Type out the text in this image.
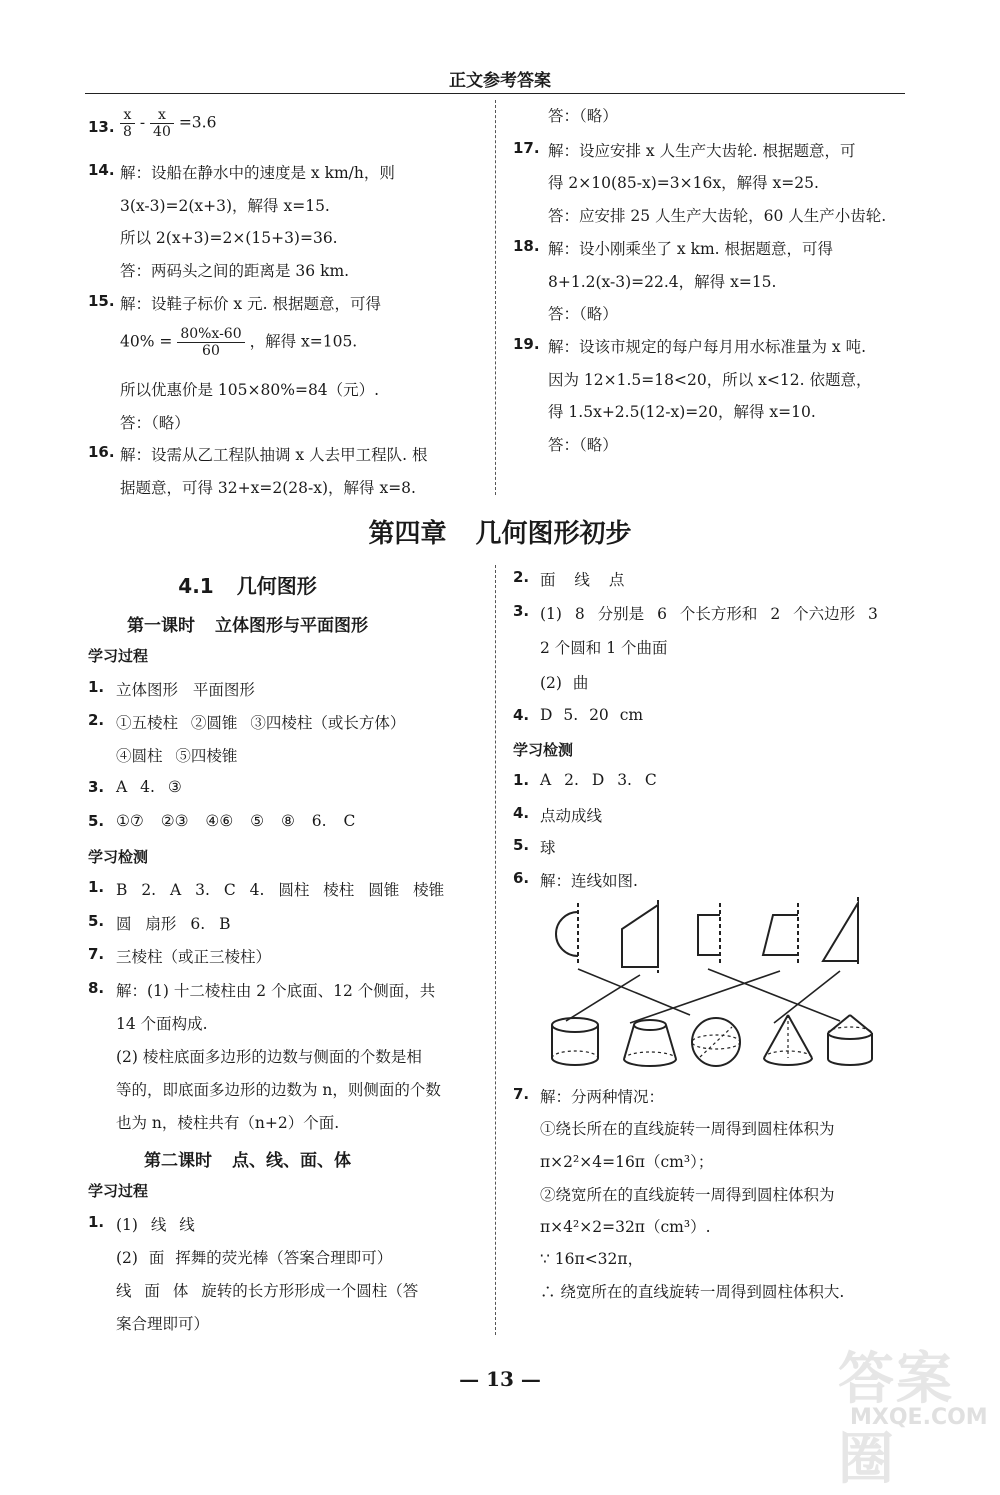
正文参考答案
13. $\frac{x}{8} - \frac{x}{40} =3.6$
14. 解：设船在静水中的速度是 x km/h，则
3(x-3)=2(x+3)，解得 x=15.
所以 2(x+3)=2×(15+3)=36.
答：两码头之间的距离是 36 km.
15. 解：设鞋子标价 x 元. 根据题意，可得
$40\% = \frac{80\%x-60}{60}$ ，解得 x=105.
所以优惠价是 105×80%=84（元）.
答：（略）
16. 解：设需从乙工程队抽调 x 人去甲工程队. 根
据题意，可得 32+x=2(28-x)，解得 x=8.
答：（略）
17. 解：设应安排 x 人生产大齿轮. 根据题意，可
得 2×10(85-x)=3×16x，解得 x=25.
答：应安排 25 人生产大齿轮，60 人生产小齿轮.
18. 解：设小刚乘坐了 x km. 根据题意，可得
8+1.2(x-3)=22.4，解得 x=15.
答：（略）
19. 解：设该市规定的每户每月用水标准量为 x 吨.
因为 12×1.5=18<20，所以 x<12. 依题意，
得 1.5x+2.5(12-x)=20，解得 x=10.
答：（略）
第四章 几何图形初步
4.1 几何图形
第一课时 立体图形与平面图形
学习过程
1. 立体图形 平面图形
2. ①五棱柱 ②圆锥 ③四棱柱（或长方体）
④圆柱 ⑤四棱锥
3. A 4. ③
5. ①⑦ ②③ ④⑥ ⑤ ⑧ 6. C
学习检测
1. B 2. A 3. C 4. 圆柱 棱柱 圆锥 棱锥
5. 圆 扇形 6. B
7. 三棱柱（或正三棱柱）
8. 解：(1) 十二棱柱由 2 个底面、12 个侧面，共
14 个面构成.
(2) 棱柱底面多边形的边数与侧面的个数是相
等的，即底面多边形的边数为 n，则侧面的个数
也为 n，棱柱共有（n+2）个面.
第二课时 点、线、面、体
学习过程
1. (1) 线 线
(2) 面 挥舞的荧光棒（答案合理即可）
线 面 体 旋转的长方形形成一个圆柱（答
案合理即可）
2. 面 线 点
3. (1) 8 分别是 6 个长方形和 2 个六边形 3
2 个圆和 1 个曲面
(2) 曲
4. D 5. 20 cm
学习检测
1. A 2. D 3. C
4. 点动成线
5. 球
6. 解：连线如图.
7. 解：分两种情况：
①绕长所在的直线旋转一周得到圆柱体积为
π×2²×4=16π（cm³）；
②绕宽所在的直线旋转一周得到圆柱体积为
π×4²×2=32π（cm³）.
∵ 16π<32π，
∴ 绕宽所在的直线旋转一周得到圆柱体积大.
— 13 —	答案圈
MXQE.COM
